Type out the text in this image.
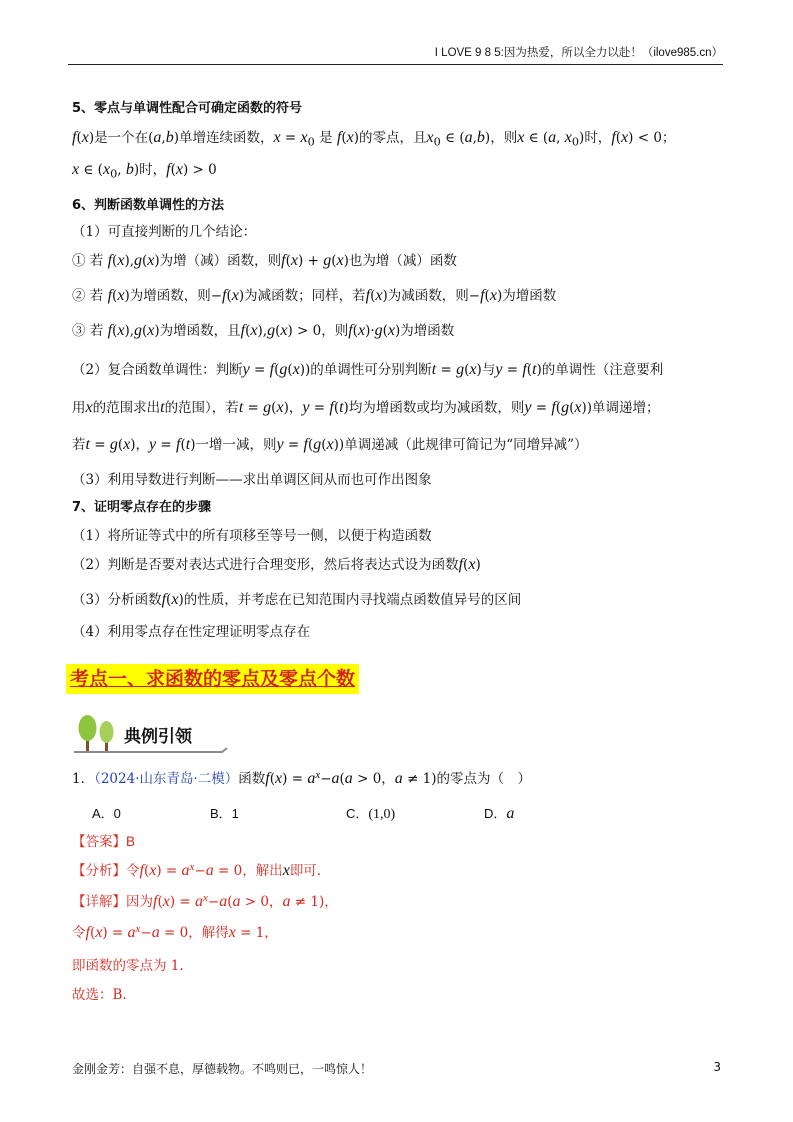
I LOVE 9 8 5:因为热爱，所以全力以赴！（ilove985.cn）
5、零点与单调性配合可确定函数的符号
f(x)是一个在(a,b)单增连续函数，$x = x_0$ 是 f(x)的零点，且$x_0$ ∈ (a,b)，则x ∈ (a, $x_0$)时，f(x) < 0；
x ∈ ($x_0$, b)时，f(x) > 0
6、判断函数单调性的方法
（1）可直接判断的几个结论：
① 若 f(x),g(x)为增（减）函数，则f(x) + g(x)也为增（减）函数
② 若 f(x)为增函数，则−f(x)为减函数；同样，若f(x)为减函数，则−f(x)为增函数
③ 若 f(x),g(x)为增函数，且f(x),g(x) > 0，则f(x)·g(x)为增函数
（2）复合函数单调性：判断y = f(g(x))的单调性可分别判断t = g(x)与y = f(t)的单调性（注意要利
用x的范围求出t的范围），若t = g(x)，y = f(t)均为增函数或均为减函数，则y = f(g(x))单调递增；
若t = g(x)，y = f(t)一增一减，则y = f(g(x))单调递减（此规律可简记为“同增异减”）
（3）利用导数进行判断——求出单调区间从而也可作出图象
7、证明零点存在的步骤
（1）将所证等式中的所有项移至等号一侧，以便于构造函数
（2）判断是否要对表达式进行合理变形，然后将表达式设为函数f(x)
（3）分析函数f(x)的性质，并考虑在已知范围内寻找端点函数值异号的区间
（4）利用零点存在性定理证明零点存在
考点一、求函数的零点及零点个数
典例引领
1．（2024·山东青岛·二模）函数$f(x) = a^x-a(a > 0$，a ≠ 1)的零点为（　）
A．0	B．1	C．(1,0)	D．a
【答案】B
【分析】令$f(x) = a^x-a = 0$，解出x即可.
【详解】因为$f(x) = a^x-a(a > 0$，a ≠ 1)，
令$f(x) = a^x-a = 0$，解得x = 1，
即函数的零点为 1.
故选：B.
金刚金芳：自强不息，厚德载物。不鸣则已，一鸣惊人！	3
